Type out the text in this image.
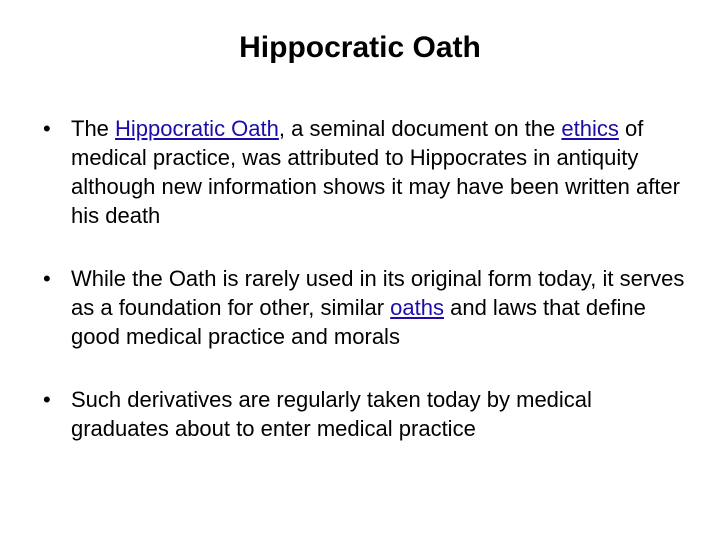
Hippocratic Oath
• The Hippocratic Oath, a seminal document on the ethics of medical practice, was attributed to Hippocrates in antiquity although new information shows it may have been written after his death
• While the Oath is rarely used in its original form today, it serves as a foundation for other, similar oaths and laws that define good medical practice and morals
• Such derivatives are regularly taken today by medical graduates about to enter medical practice
